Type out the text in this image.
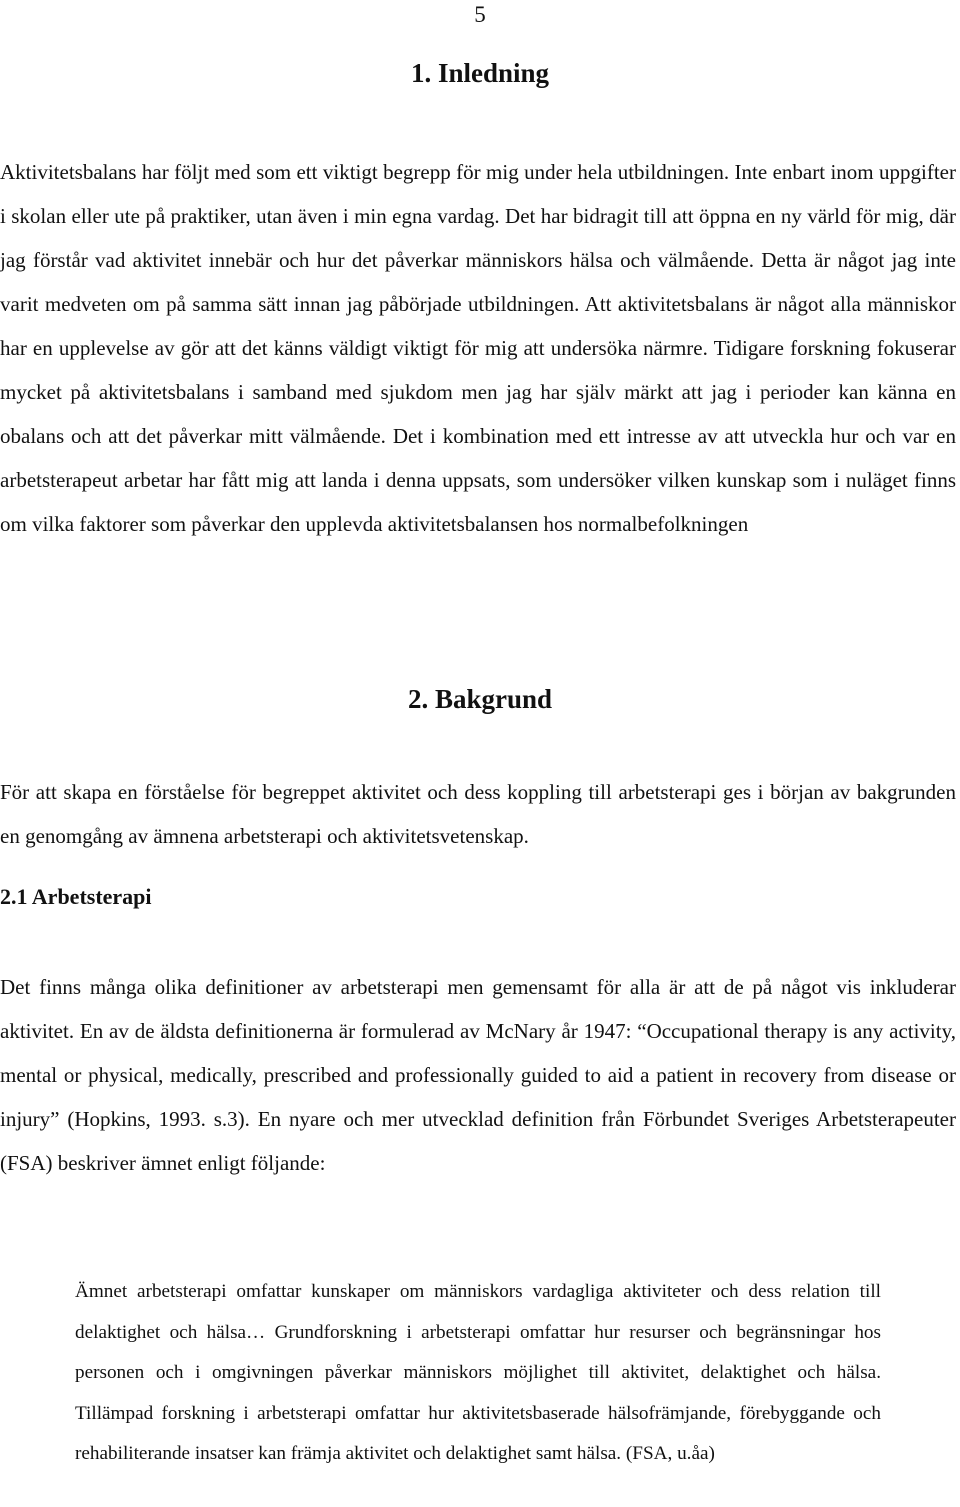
5
1. Inledning

Aktivitetsbalans har följt med som ett viktigt begrepp för mig under hela utbildningen. Inte enbart inom uppgifter i skolan eller ute på praktiker, utan även i min egna vardag. Det har bidragit till att öppna en ny värld för mig, där jag förstår vad aktivitet innebär och hur det påverkar människors hälsa och välmående. Detta är något jag inte varit medveten om på samma sätt innan jag påbörjade utbildningen. Att aktivitetsbalans är något alla människor har en upplevelse av gör att det känns väldigt viktigt för mig att undersöka närmre. Tidigare forskning fokuserar mycket på aktivitetsbalans i samband med sjukdom men jag har själv märkt att jag i perioder kan känna en obalans och att det påverkar mitt välmående. Det i kombination med ett intresse av att utveckla hur och var en arbetsterapeut arbetar har fått mig att landa i denna uppsats, som undersöker vilken kunskap som i nuläget finns om vilka faktorer som påverkar den upplevda aktivitetsbalansen hos normalbefolkningen

2. Bakgrund

För att skapa en förståelse för begreppet aktivitet och dess koppling till arbetsterapi ges i början av bakgrunden en genomgång av ämnena arbetsterapi och aktivitetsvetenskap.

2.1 Arbetsterapi

Det finns många olika definitioner av arbetsterapi men gemensamt för alla är att de på något vis inkluderar aktivitet. En av de äldsta definitionerna är formulerad av McNary år 1947: “Occupational therapy is any activity, mental or physical, medically, prescribed and professionally guided to aid a patient in recovery from disease or injury” (Hopkins, 1993. s.3). En nyare och mer utvecklad definition från Förbundet Sveriges Arbetsterapeuter (FSA) beskriver ämnet enligt följande:

Ämnet arbetsterapi omfattar kunskaper om människors vardagliga aktiviteter och dess relation till delaktighet och hälsa… Grundforskning i arbetsterapi omfattar hur resurser och begränsningar hos personen och i omgivningen påverkar människors möjlighet till aktivitet, delaktighet och hälsa. Tillämpad forskning i arbetsterapi omfattar hur aktivitetsbaserade hälsofrämjande, förebyggande och rehabiliterande insatser kan främja aktivitet och delaktighet samt hälsa. (FSA, u.åa)
